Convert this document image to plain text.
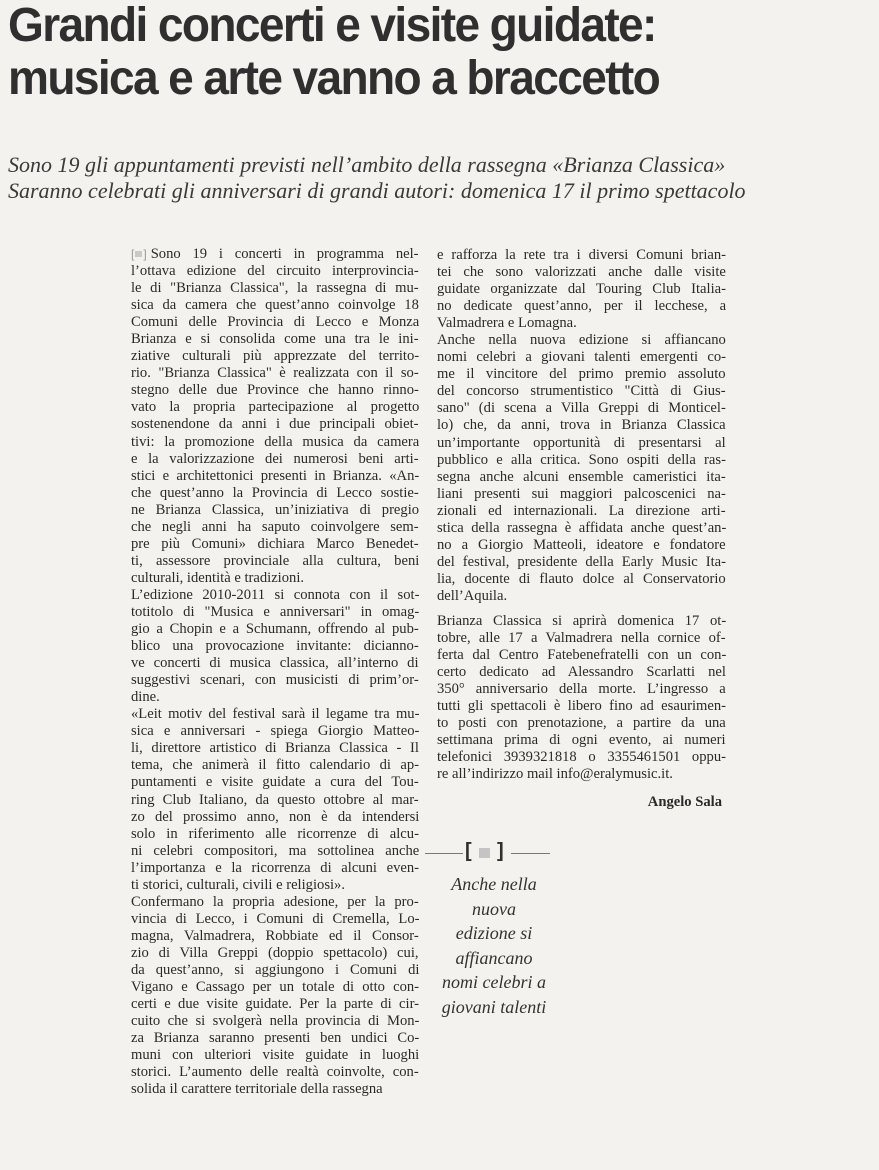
Grandi concerti e visite guidate:
musica e arte vanno a braccetto
Sono 19 gli appuntamenti previsti nell’ambito della rassegna «Brianza Classica»
Saranno celebrati gli anniversari di grandi autori: domenica 17 il primo spettacolo

[ ] Sono 19 i concerti in programma nel-
l’ottava edizione del circuito interprovincia-
le di "Brianza Classica", la rassegna di mu-
sica da camera che quest’anno coinvolge 18
Comuni delle Provincia di Lecco e Monza
Brianza e si consolida come una tra le ini-
ziative culturali più apprezzate del territo-
rio. "Brianza Classica" è realizzata con il so-
stegno delle due Province che hanno rinno-
vato la propria partecipazione al progetto
sostenendone da anni i due principali obiet-
tivi: la promozione della musica da camera
e la valorizzazione dei numerosi beni arti-
stici e architettonici presenti in Brianza. «An-
che quest’anno la Provincia di Lecco sostie-
ne Brianza Classica, un’iniziativa di pregio
che negli anni ha saputo coinvolgere sem-
pre più Comuni» dichiara Marco Benedet-
ti, assessore provinciale alla cultura, beni
culturali, identità e tradizioni.

L’edizione 2010-2011 si connota con il sot-
totitolo di "Musica e anniversari" in omag-
gio a Chopin e a Schumann, offrendo al pub-
blico una provocazione invitante: dicianno-
ve concerti di musica classica, all’interno di
suggestivi scenari, con musicisti di prim’or-
dine.

«Leit motiv del festival sarà il legame tra mu-
sica e anniversari - spiega Giorgio Matteo-
li, direttore artistico di Brianza Classica - Il
tema, che animerà il fitto calendario di ap-
puntamenti e visite guidate a cura del Tou-
ring Club Italiano, da questo ottobre al mar-
zo del prossimo anno, non è da intendersi
solo in riferimento alle ricorrenze di alcu-
ni celebri compositori, ma sottolinea anche
l’importanza e la ricorrenza di alcuni even-
ti storici, culturali, civili e religiosi».

Confermano la propria adesione, per la pro-
vincia di Lecco, i Comuni di Cremella, Lo-
magna, Valmadrera, Robbiate ed il Consor-
zio di Villa Greppi (doppio spettacolo) cui,
da quest’anno, si aggiungono i Comuni di
Vigano e Cassago per un totale di otto con-
certi e due visite guidate. Per la parte di cir-
cuito che si svolgerà nella provincia di Mon-
za Brianza saranno presenti ben undici Co-
muni con ulteriori visite guidate in luoghi
storici. L’aumento delle realtà coinvolte, con-
solida il carattere territoriale della rassegna

e rafforza la rete tra i diversi Comuni brian-
tei che sono valorizzati anche dalle visite
guidate organizzate dal Touring Club Italia-
no dedicate quest’anno, per il lecchese, a
Valmadrera e Lomagna.

Anche nella nuova edizione si affiancano
nomi celebri a giovani talenti emergenti co-
me il vincitore del primo premio assoluto
del concorso strumentistico "Città di Gius-
sano" (di scena a Villa Greppi di Monticel-
lo) che, da anni, trova in Brianza Classica
un’importante opportunità di presentarsi al
pubblico e alla critica. Sono ospiti della ras-
segna anche alcuni ensemble cameristici ita-
liani presenti sui maggiori palcoscenici na-
zionali ed internazionali. La direzione arti-
stica della rassegna è affidata anche quest’an-
no a Giorgio Matteoli, ideatore e fondatore
del festival, presidente della Early Music Ita-
lia, docente di flauto dolce al Conservatorio
dell’Aquila.

Brianza Classica si aprirà domenica 17 ot-
tobre, alle 17 a Valmadrera nella cornice of-
ferta dal Centro Fatebenefratelli con un con-
certo dedicato ad Alessandro Scarlatti nel
350° anniversario della morte. L’ingresso a
tutti gli spettacoli è libero fino ad esaurimen-
to posti con prenotazione, a partire da una
settimana prima di ogni evento, ai numeri
telefonici 3939321818 o 3355461501 oppu-
re all’indirizzo mail info@eralymusic.it.

Angelo Sala
[ ]
Anche nella
nuova
edizione si
affiancano
nomi celebri a
giovani talenti
